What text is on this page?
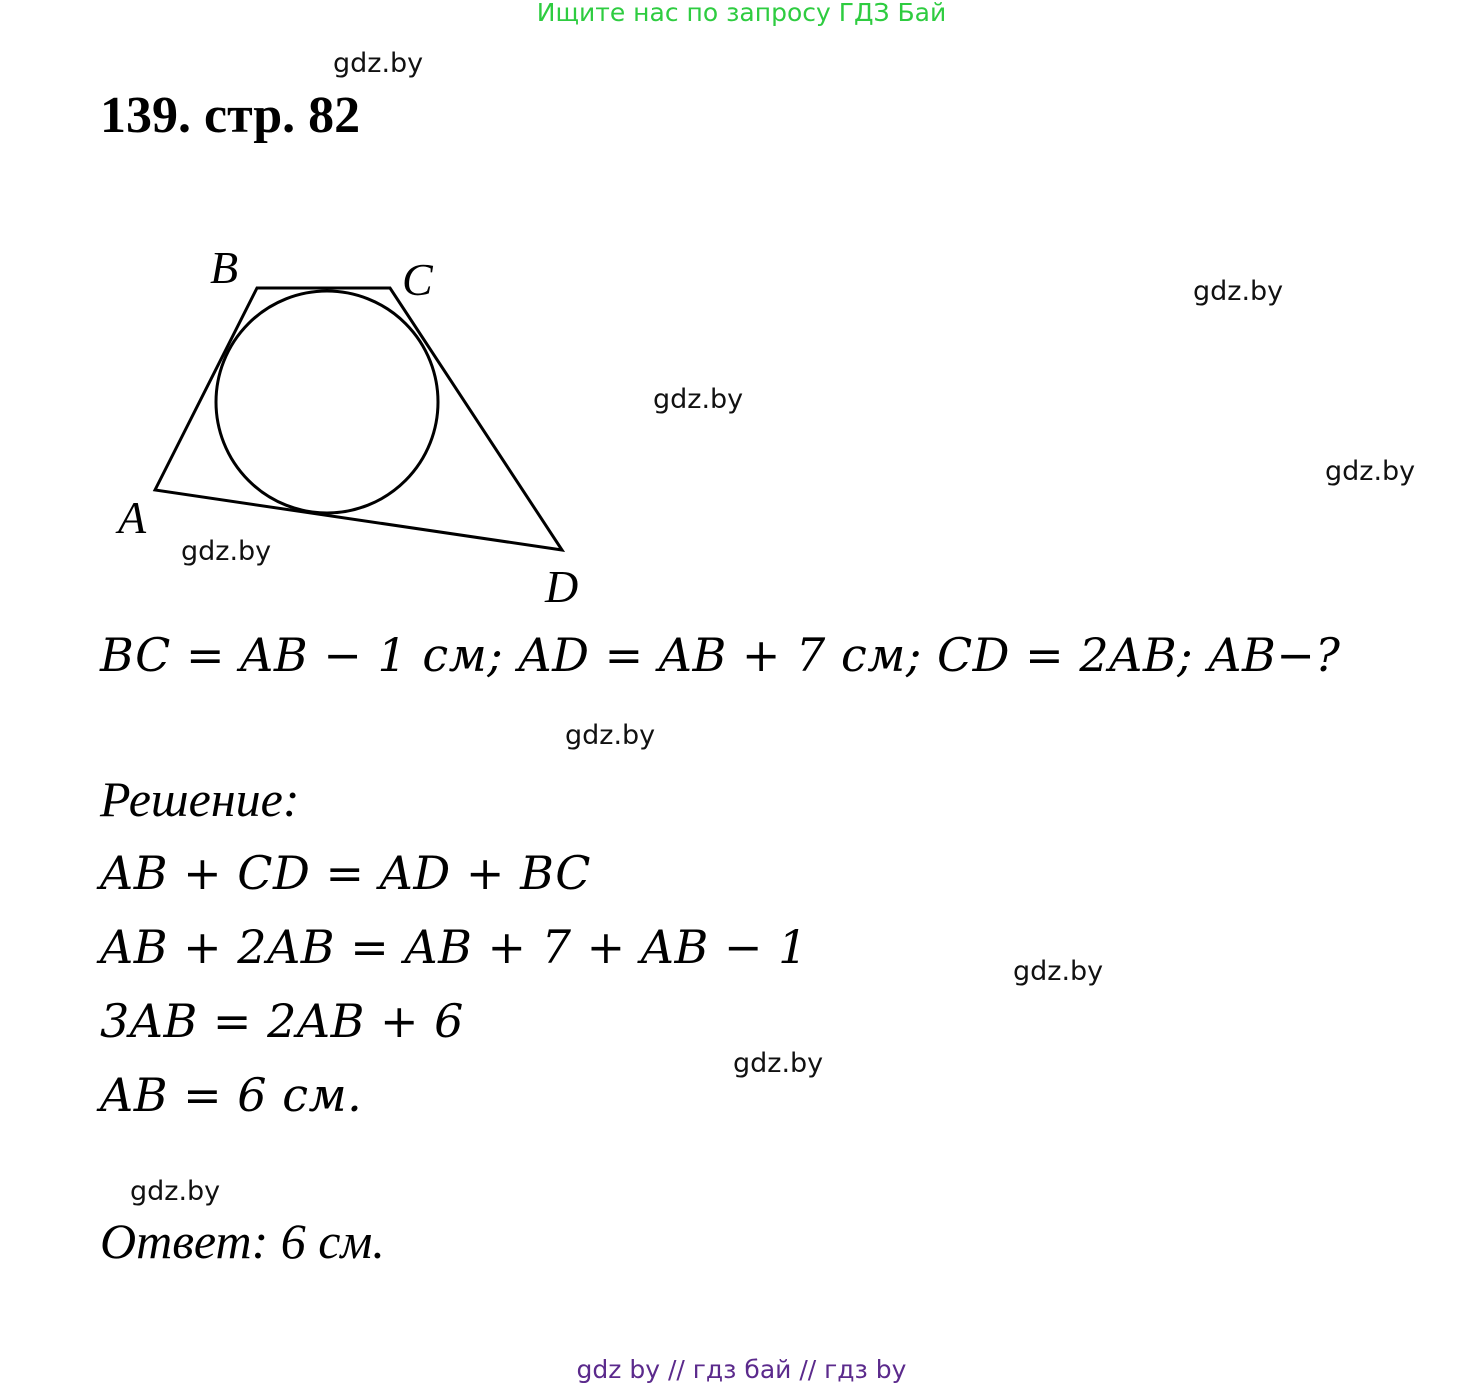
Ищите нас по запросу ГДЗ Бай
gdz.by
139. стр. 82
B	C
A
D
gdz.by
gdz.by
gdz.by
gdz.by
BC = AB − 1 см; AD = AB + 7 см; CD = 2AB; AB−?
gdz.by
Решение:
AB + CD = AD + BC
AB + 2AB = AB + 7 + AB − 1	gdz.by
3AB = 2AB + 6
gdz.by
AB = 6 см.
gdz.by
Ответ: 6 см.
gdz by // гдз бай // гдз by
